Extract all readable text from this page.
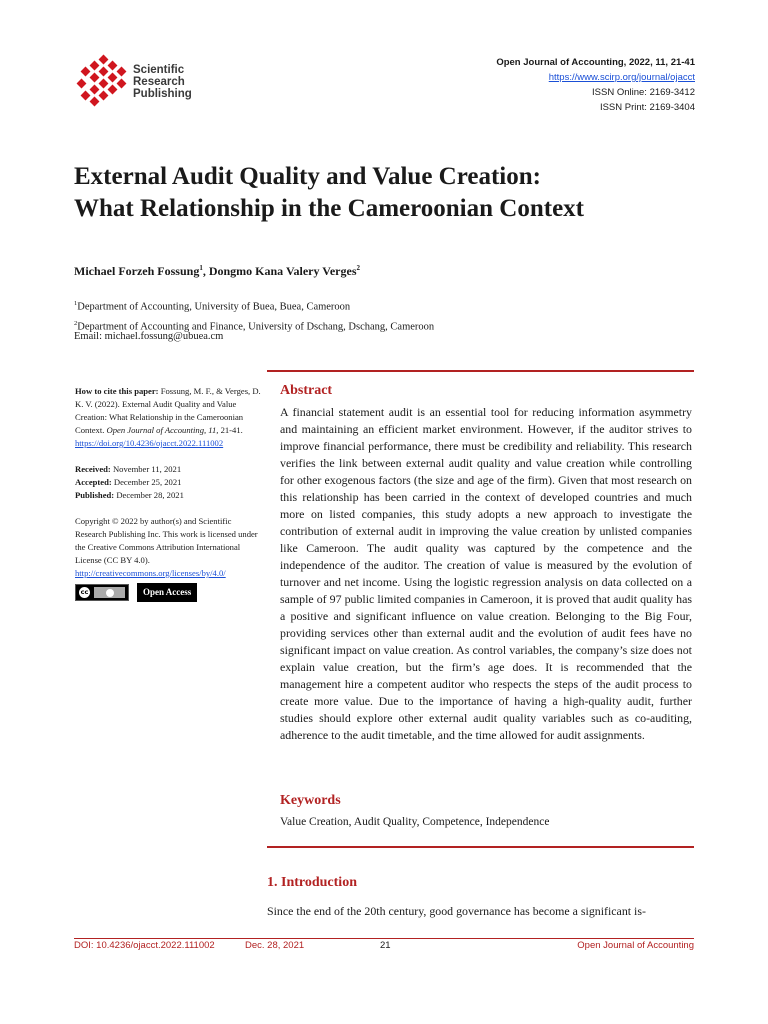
Scientific
Research
Publishing
Open Journal of Accounting, 2022, 11, 21-41
https://www.scirp.org/journal/ojacct
ISSN Online: 2169-3412
ISSN Print: 2169-3404
External Audit Quality and Value Creation:
What Relationship in the Cameroonian Context
Michael Forzeh Fossung$^1$, Dongmo Kana Valery Verges$^2$
$^1$Department of Accounting, University of Buea, Buea, Cameroon
$^2$Department of Accounting and Finance, University of Dschang, Dschang, Cameroon
Email: michael.fossung@ubuea.cm
How to cite this paper: Fossung, M. F., & Verges, D. K. V. (2022). External Audit Quality and Value Creation: What Relationship in the Cameroonian Context. Open Journal of Accounting, 11, 21-41.
https://doi.org/10.4236/ojacct.2022.111002
Received: November 11, 2021
Accepted: December 25, 2021
Published: December 28, 2021
Copyright © 2022 by author(s) and Scientific Research Publishing Inc. This work is licensed under the Creative Commons Attribution International License (CC BY 4.0).
http://creativecommons.org/licenses/by/4.0/
cc	Open Access
Abstract
A financial statement audit is an essential tool for reducing information asymmetry and maintaining an efficient market environment. However, if the auditor strives to improve financial performance, there must be credibility and reliability. This research verifies the link between external audit quality and value creation while controlling for other exogenous factors (the size and age of the firm). Given that most research on this relationship has been carried in the context of developed countries and much more on listed companies, this study adopts a new approach to investigate the contribution of external audit in improving the value creation by unlisted companies like Cameroon. The audit quality was captured by the competence and the independence of the auditor. The creation of value is measured by the evolution of turnover and net income. Using the logistic regression analysis on data collected on a sample of 97 public limited companies in Cameroon, it is proved that audit quality has a positive and significant influence on value creation. Belonging to the Big Four, providing services other than external audit and the evolution of audit fees have no significant impact on value creation. As control variables, the company’s size does not explain value creation, but the firm’s age does. It is recommended that the management hire a competent auditor who respects the steps of the audit process to create more value. Due to the importance of having a high-quality audit, further studies should explore other external audit quality variables such as co-auditing, adherence to the audit timetable, and the time allowed for audit assignments.
Keywords
Value Creation, Audit Quality, Competence, Independence
1. Introduction
Since the end of the 20th century, good governance has become a significant is-
DOI: 10.4236/ojacct.2022.111002	Dec. 28, 2021	21	Open Journal of Accounting
